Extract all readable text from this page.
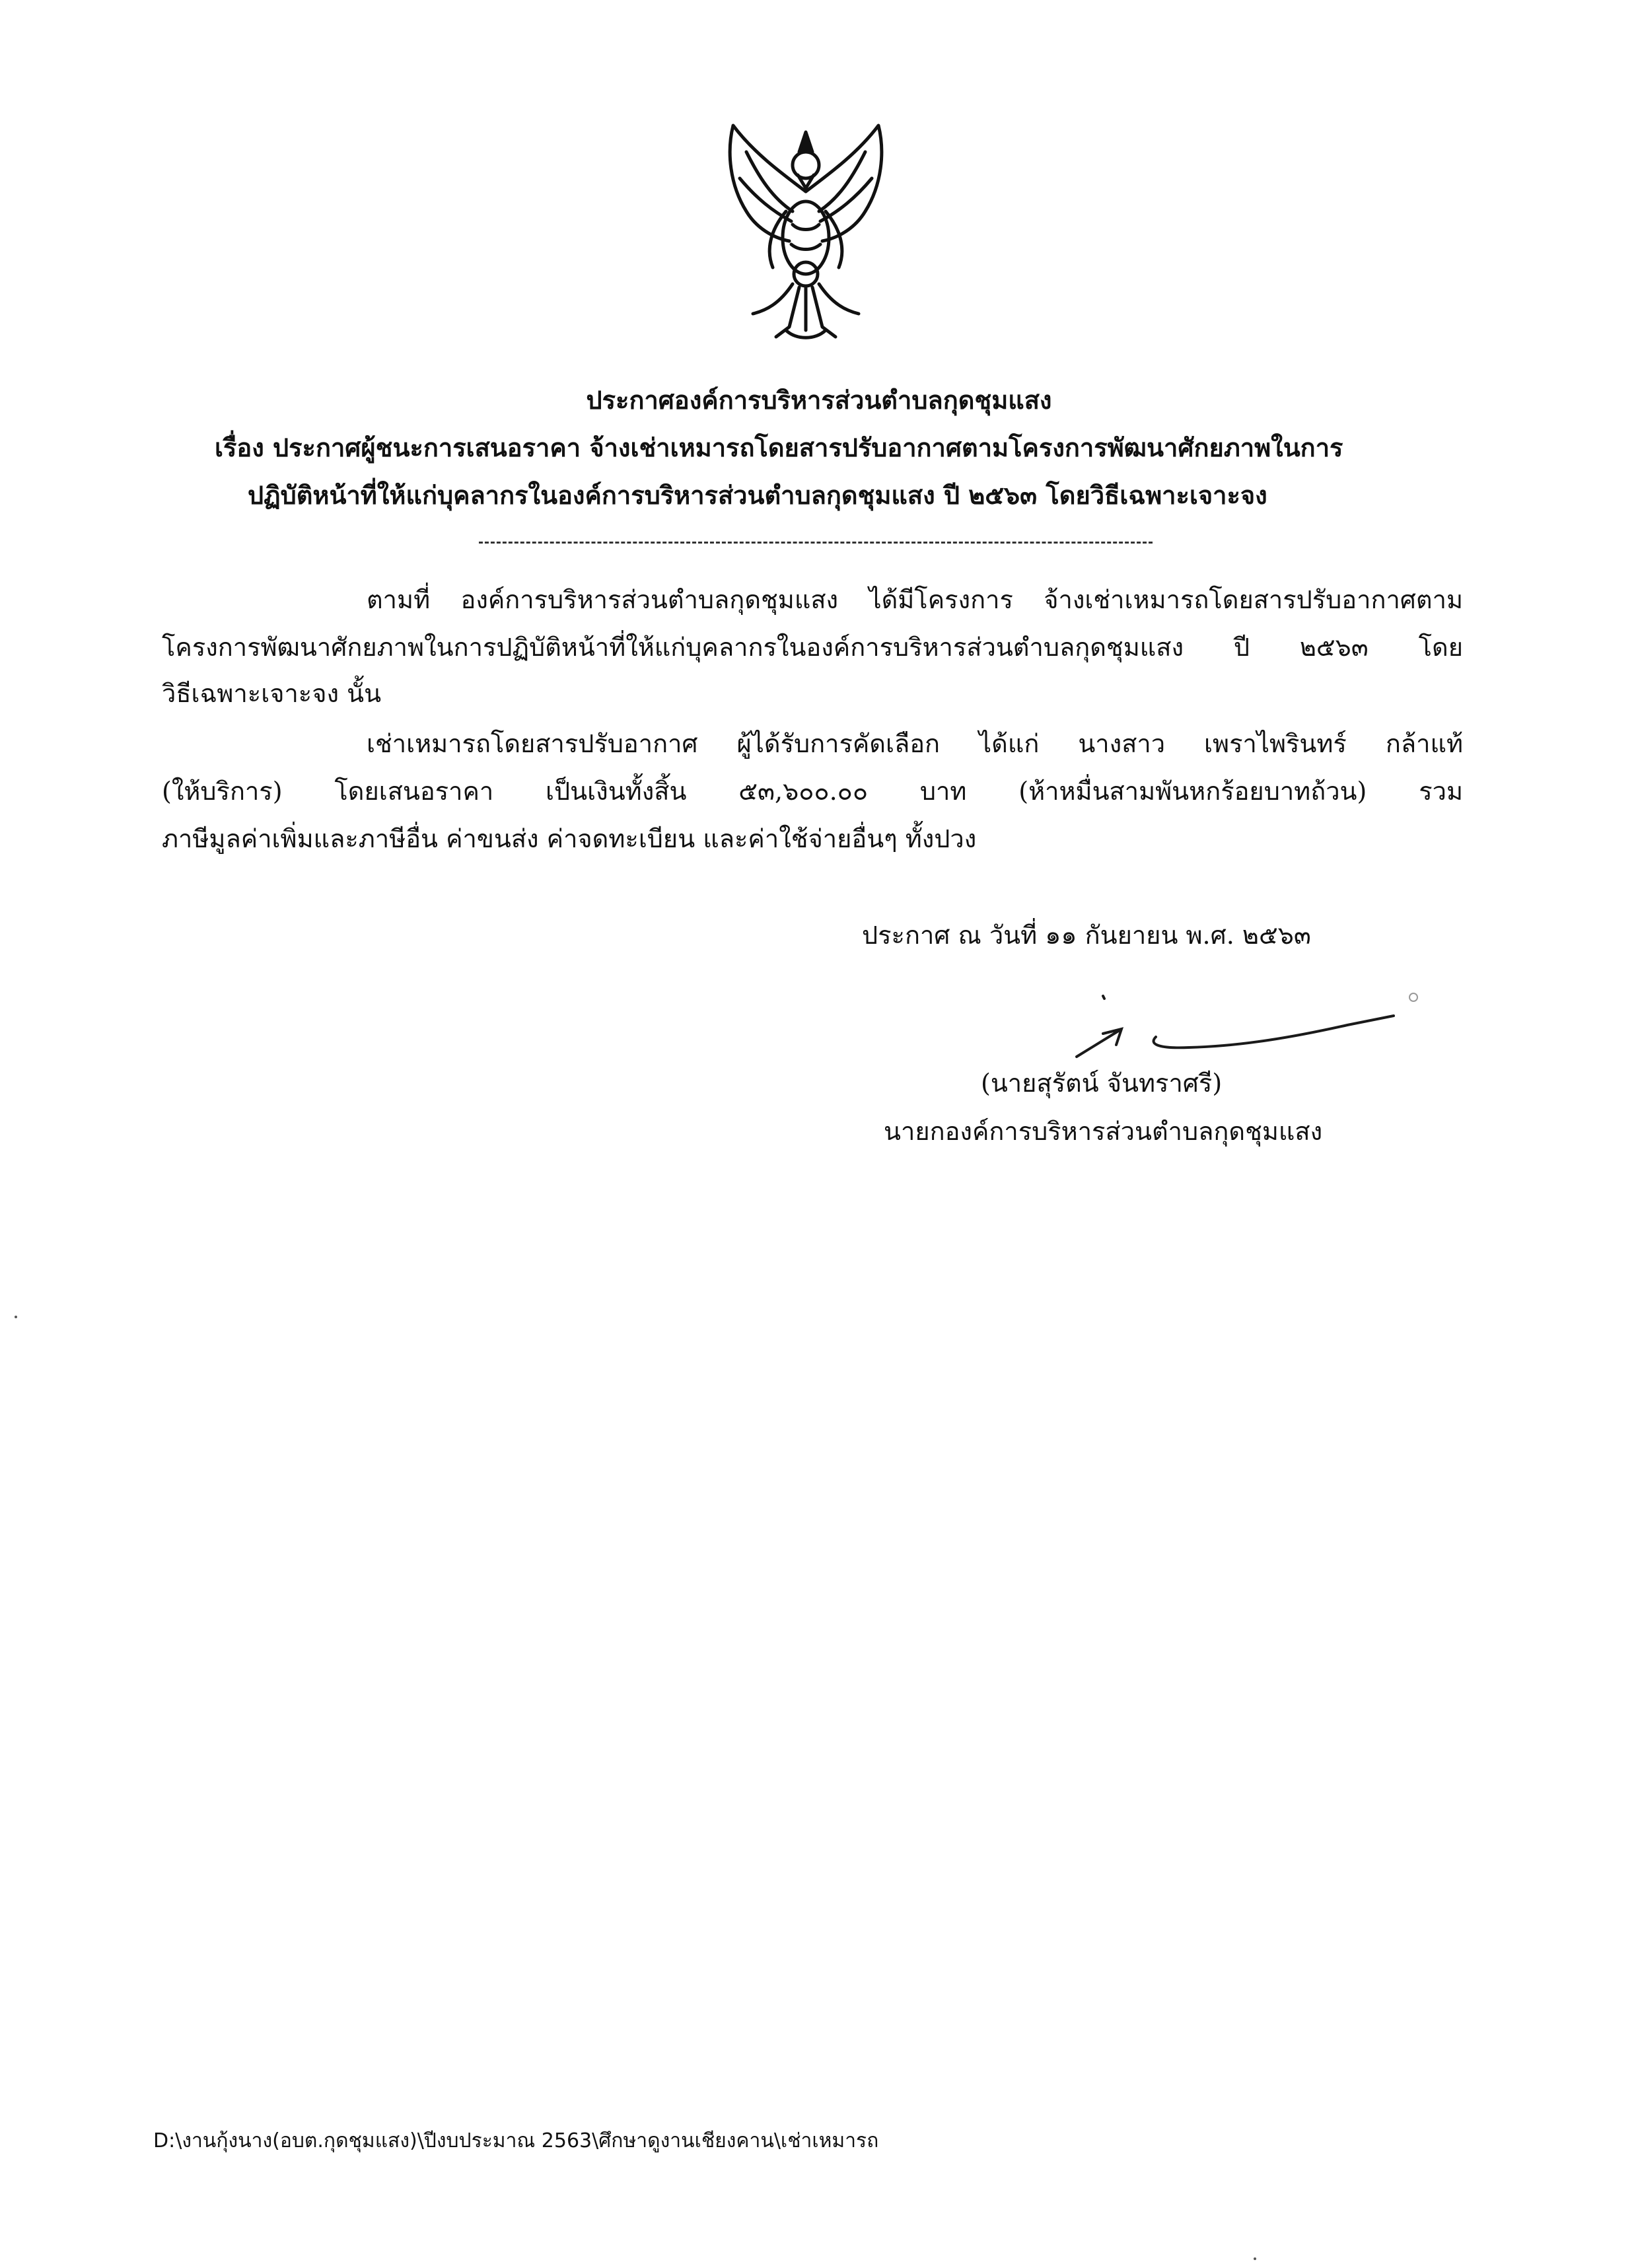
ประกาศองค์การบริหารส่วนตำบลกุดชุมแสง
เรื่อง ประกาศผู้ชนะการเสนอราคา จ้างเช่าเหมารถโดยสารปรับอากาศตามโครงการพัฒนาศักยภาพในการ
ปฏิบัติหน้าที่ให้แก่บุคลากรในองค์การบริหารส่วนตำบลกุดชุมแสง ปี ๒๕๖๓ โดยวิธีเฉพาะเจาะจง
ตามที่ องค์การบริหารส่วนตำบลกุดชุมแสง ได้มีโครงการ จ้างเช่าเหมารถโดยสารปรับอากาศตาม
โครงการพัฒนาศักยภาพในการปฏิบัติหน้าที่ให้แก่บุคลากรในองค์การบริหารส่วนตำบลกุดชุมแสง ปี ๒๕๖๓ โดย
วิธีเฉพาะเจาะจง นั้น
เช่าเหมารถโดยสารปรับอากาศ ผู้ได้รับการคัดเลือก ได้แก่ นางสาว เพราไพรินทร์ กล้าแท้
(ให้บริการ) โดยเสนอราคา เป็นเงินทั้งสิ้น ๕๓,๖๐๐.๐๐ บาท (ห้าหมื่นสามพันหกร้อยบาทถ้วน) รวม
ภาษีมูลค่าเพิ่มและภาษีอื่น ค่าขนส่ง ค่าจดทะเบียน และค่าใช้จ่ายอื่นๆ ทั้งปวง
ประกาศ ณ วันที่ ๑๑ กันยายน พ.ศ. ๒๕๖๓
(นายสุรัตน์ จันทราศรี)
นายกองค์การบริหารส่วนตำบลกุดชุมแสง
D:\งานกุ้งนาง(อบต.กุดชุมแสง)\ปีงบประมาณ 2563\ศึกษาดูงานเชียงคาน\เช่าเหมารถ
